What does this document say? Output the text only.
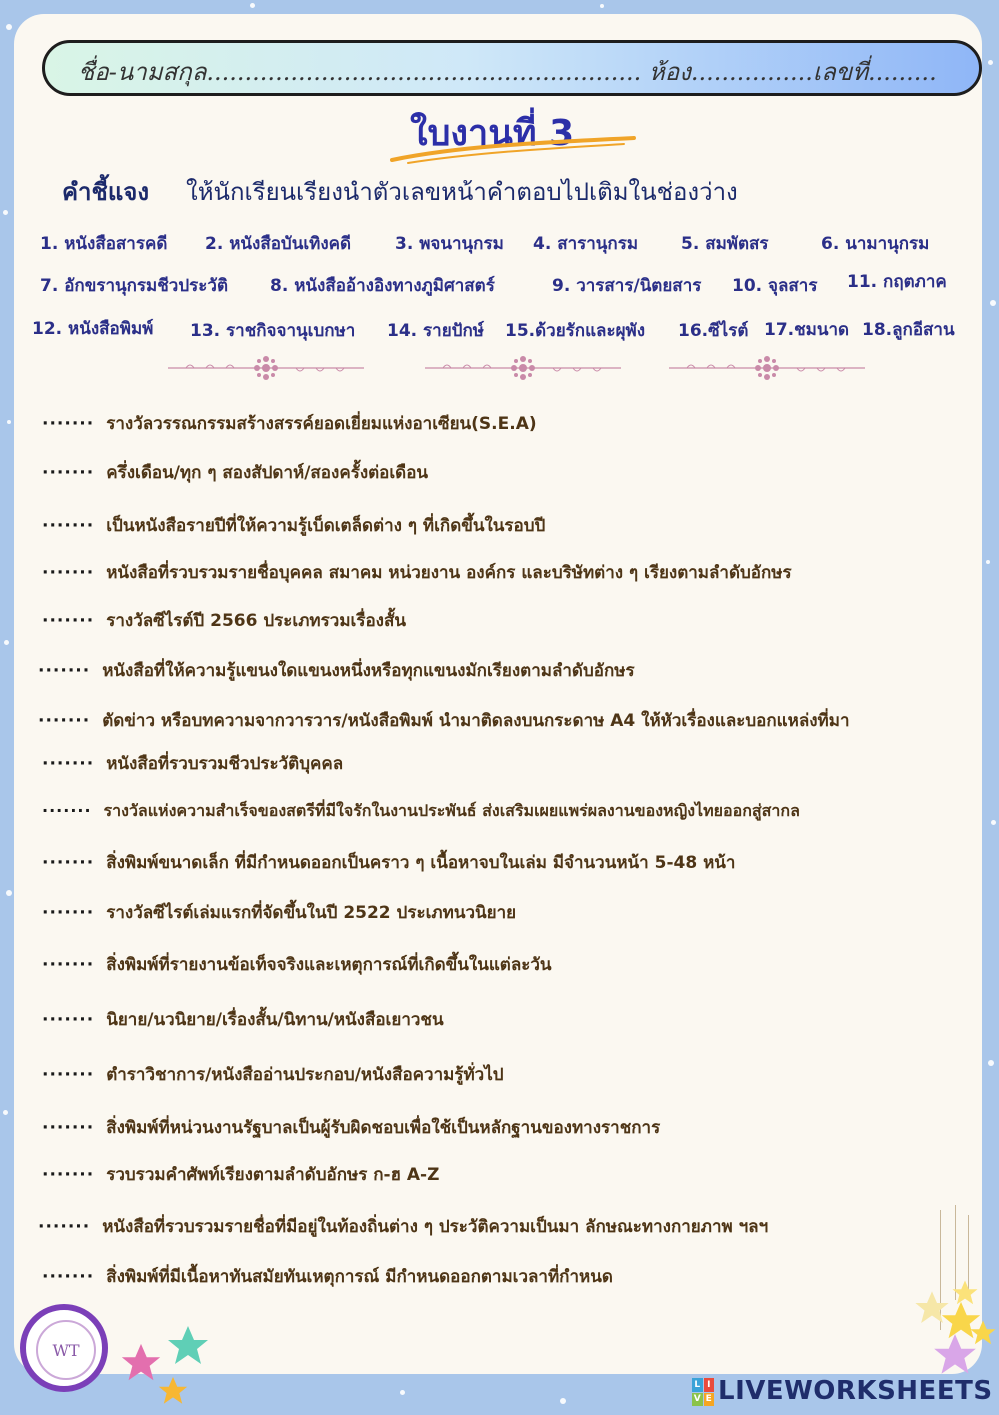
ชื่อ-นามสกุล......................................................... ห้อง................เลขที่.........
ใบงานที่ 3
คำชี้แจง ให้นักเรียนเรียงนำตัวเลขหน้าคำตอบไปเติมในช่องว่าง
1. หนังสือสารคดี 2. หนังสือบันเทิงคดี	3. พจนานุกรม 4. สารานุกรม	5. สมพัตสร	6. นามานุกรม
7. อักขรานุกรมชีวประวัติ 8. หนังสืออ้างอิงทางภูมิศาสตร์	9. วารสาร/นิตยสาร 10. จุลสาร 11. กฤตภาค
12. หนังสือพิมพ์ 13. ราชกิจจานุเบกษา 14. รายปักษ์ 15.ด้วยรักและผุพัง 16.ซีไรต์ 17.ชมนาด 18.ลูกอีสาน
······· รางวัลวรรณกรรมสร้างสรรค์ยอดเยี่ยมแห่งอาเซียน(S.E.A)
······· ครึ่งเดือน/ทุก ๆ สองสัปดาห์/สองครั้งต่อเดือน
······· เป็นหนังสือรายปีที่ให้ความรู้เบ็ดเตล็ดต่าง ๆ ที่เกิดขึ้นในรอบปี
······· หนังสือที่รวบรวมรายชื่อบุคคล สมาคม หน่วยงาน องค์กร และบริษัทต่าง ๆ เรียงตามลำดับอักษร
······· รางวัลซีไรต์ปี 2566 ประเภทรวมเรื่องสั้น
······· หนังสือที่ให้ความรู้แขนงใดแขนงหนึ่งหรือทุกแขนงมักเรียงตามลำดับอักษร
······· ตัดข่าว หรือบทความจากวารวาร/หนังสือพิมพ์ นำมาติดลงบนกระดาษ A4 ให้หัวเรื่องและบอกแหล่งที่มา
······· หนังสือที่รวบรวมชีวประวัติบุคคล
······· รางวัลแห่งความสำเร็จของสตรีที่มีใจรักในงานประพันธ์ ส่งเสริมเผยแพร่ผลงานของหญิงไทยออกสู่สากล
······· สิ่งพิมพ์ขนาดเล็ก ที่มีกำหนดออกเป็นคราว ๆ เนื้อหาจบในเล่ม มีจำนวนหน้า 5-48 หน้า
······· รางวัลซีไรต์เล่มแรกที่จัดขึ้นในปี 2522 ประเภทนวนิยาย
······· สิ่งพิมพ์ที่รายงานข้อเท็จจริงและเหตุการณ์ที่เกิดขึ้นในแต่ละวัน
······· นิยาย/นวนิยาย/เรื่องสั้น/นิทาน/หนังสือเยาวชน
······· ตำราวิชาการ/หนังสืออ่านประกอบ/หนังสือความรู้ทั่วไป
······· สิ่งพิมพ์ที่หน่วนงานรัฐบาลเป็นผู้รับผิดชอบเพื่อใช้เป็นหลักฐานของทางราชการ
······· รวบรวมคำศัพท์เรียงตามลำดับอักษร ก-ฮ A-Z
······· หนังสือที่รวบรวมรายชื่อที่มีอยู่ในท้องถิ่นต่าง ๆ ประวัติความเป็นมา ลักษณะทางกายภาพ ฯลฯ
······· สิ่งพิมพ์ที่มีเนื้อหาทันสมัยทันเหตุการณ์ มีกำหนดออกตามเวลาที่กำหนด
WT
L I
V E LIVEWORKSHEETS
